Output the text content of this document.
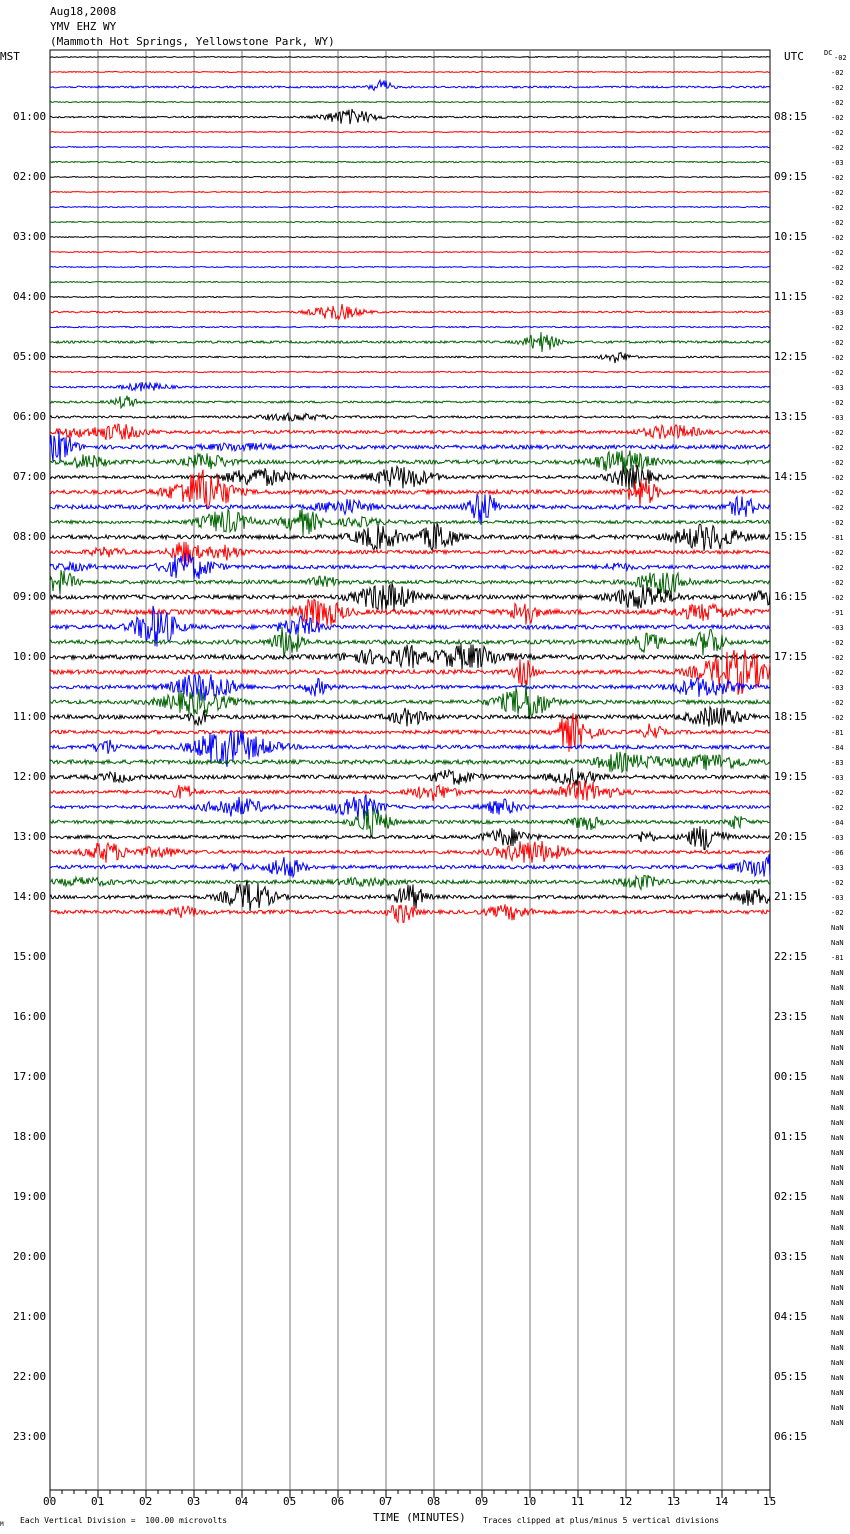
Aug18,2008
YMV EHZ WY
(Mammoth Hot Springs, Yellowstone Park, WY)
MST	UTC	DC
M Each Vertical Division =  100.00 microvolts	TIME (MINUTES) Traces clipped at plus/minus 5 vertical divisions
00	01	02	03	04	05	06	07	08	09	10	11	12	13	14	15
01:00	08:15
02:00	09:15
03:00	10:15
04:00	11:15
05:00	12:15
06:00	13:15
07:00	14:15
08:00	15:15
09:00	16:15
10:00	17:15
11:00	18:15
12:00	19:15
13:00	20:15
14:00	21:15
15:00	22:15
16:00	23:15
17:00	00:15
18:00	01:15
19:00	02:15
20:00	03:15
21:00	04:15
22:00	05:15
23:00	06:15
-02
-02
-02
-02
-02
-02
-02
-03
-02
-02
-02
-02
-02
-02
-02
-02
-02
-03
-02
-02
-02
-02
-03
-02
-03
-02
-02
-02
-02
-02
-02
-02
-81
-02
-02
-02
-02
-91
-03
-02
-02
-02
-03
-02
-02
-81
-84
-83
-03
-02
-02
-04
-03
-06
-03
-02
-03
-02
NaN
NaN
-81
NaN
NaN
NaN
NaN
NaN
NaN
NaN
NaN
NaN
NaN
NaN
NaN
NaN
NaN
NaN
NaN
NaN
NaN
NaN
NaN
NaN
NaN
NaN
NaN
NaN
NaN
NaN
NaN
NaN
NaN
NaN
